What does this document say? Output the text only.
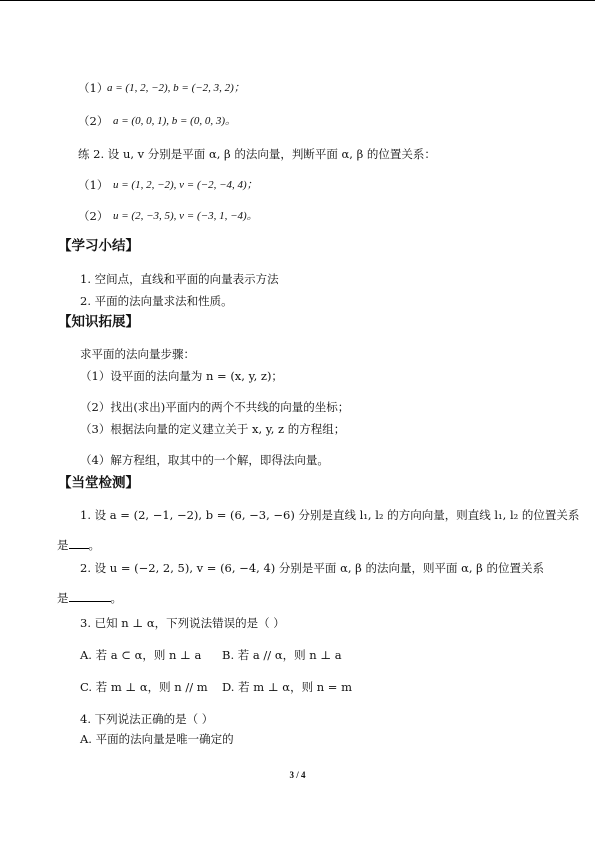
【学习小结】
【知识拓展】
【当堂检测】
（1）
a = (1, 2, −2), b = (−2, 3, 2)；
（2） a = (0, 0, 1), b = (0, 0, 3)。
练 2. 设 u, v 分别是平面 α, β 的法向量，判断平面 α, β 的位置关系：
（1） u = (1, 2, −2), v = (−2, −4, 4)；
（2） u = (2, −3, 5), v = (−3, 1, −4)。
1. 空间点，直线和平面的向量表示方法
2. 平面的法向量求法和性质。
求平面的法向量步骤：
（1）设平面的法向量为 n = (x, y, z)；
（2）找出(求出)平面内的两个不共线的向量的坐标；
（3）根据法向量的定义建立关于 x, y, z 的方程组；
（4）解方程组，取其中的一个解，即得法向量。
1. 设 a = (2, −1, −2), b = (6, −3, −6) 分别是直线 l₁, l₂ 的方向向量，则直线 l₁, l₂ 的位置关系
2. 设 u = (−2, 2, 5), v = (6, −4, 4) 分别是平面 α, β 的法向量，则平面 α, β 的位置关系
3. 已知 n ⊥ α，下列说法错误的是（ ）
A. 若 a ⊂ α，则 n ⊥ a B. 若 a // α，则 n ⊥ a
C. 若 m ⊥ α，则 n // m D. 若 m ⊥ α，则 n = m
4. 下列说法正确的是（ ）
A. 平面的法向量是唯一确定的
是 。
是	。
3 / 4
